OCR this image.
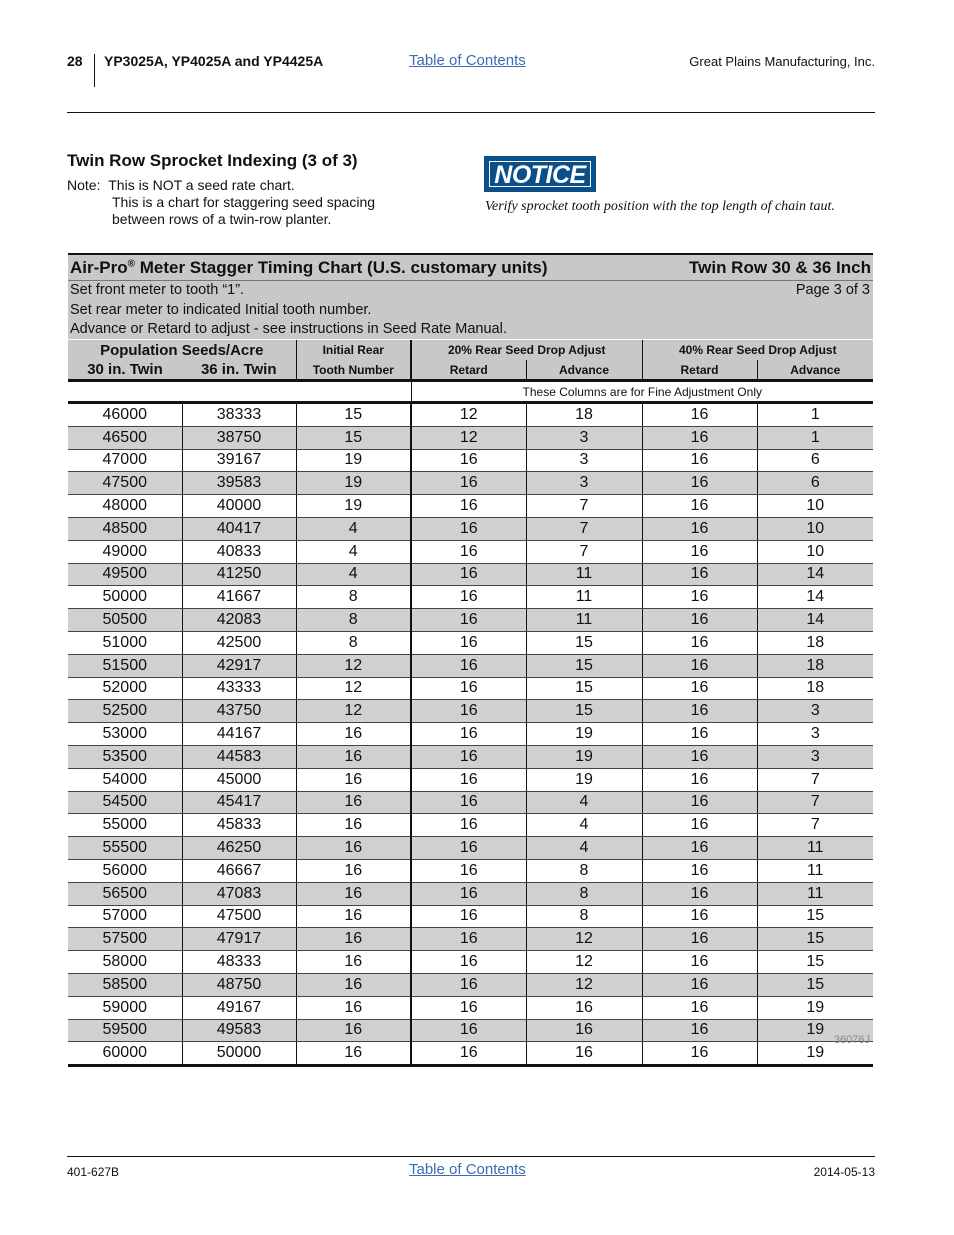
28 YP3025A, YP4025A and YP4425A	Table of Contents	Great Plains Manufacturing, Inc.
Twin Row Sprocket Indexing (3 of 3)
Note: This is NOT a seed rate chart.
This is a chart for staggering seed spacing
between rows of a twin-row planter.
NOTICE
Verify sprocket tooth position with the top length of chain taut.
Air-Pro® Meter Stagger Timing Chart (U.S. customary units)	Twin Row 30 & 36 Inch
Set front meter to tooth “1”.
Set rear meter to indicated Initial tooth number.
Advance or Retard to adjust - see instructions in Seed Rate Manual.
Page 3 of 3
			These Columns are for Fine Adjustment Only			
Population Seeds/Acre		Initial Rear	20% Rear Seed Drop Adjust		40% Rear Seed Drop Adjust	
30 in. Twin	36 in. Twin	Tooth Number	Retard	Advance	Retard	Advance
46000	38333	15	12	18	16	1
46500	38750	15	12	3	16	1
47000	39167	19	16	3	16	6
47500	39583	19	16	3	16	6
48000	40000	19	16	7	16	10
48500	40417	4	16	7	16	10
49000	40833	4	16	7	16	10
49500	41250	4	16	11	16	14
50000	41667	8	16	11	16	14
50500	42083	8	16	11	16	14
51000	42500	8	16	15	16	18
51500	42917	12	16	15	16	18
52000	43333	12	16	15	16	18
52500	43750	12	16	15	16	3
53000	44167	16	16	19	16	3
53500	44583	16	16	19	16	3
54000	45000	16	16	19	16	7
54500	45417	16	16	4	16	7
55000	45833	16	16	4	16	7
55500	46250	16	16	4	16	11
56000	46667	16	16	8	16	11
56500	47083	16	16	8	16	11
57000	47500	16	16	8	16	15
57500	47917	16	16	12	16	15
58000	48333	16	16	12	16	15
58500	48750	16	16	12	16	15
59000	49167	16	16	16	16	19
59500	49583	16	16	16	16	19
60000	50000	16	16	16	16	19
36076J
401-627B	Table of Contents	2014-05-13
